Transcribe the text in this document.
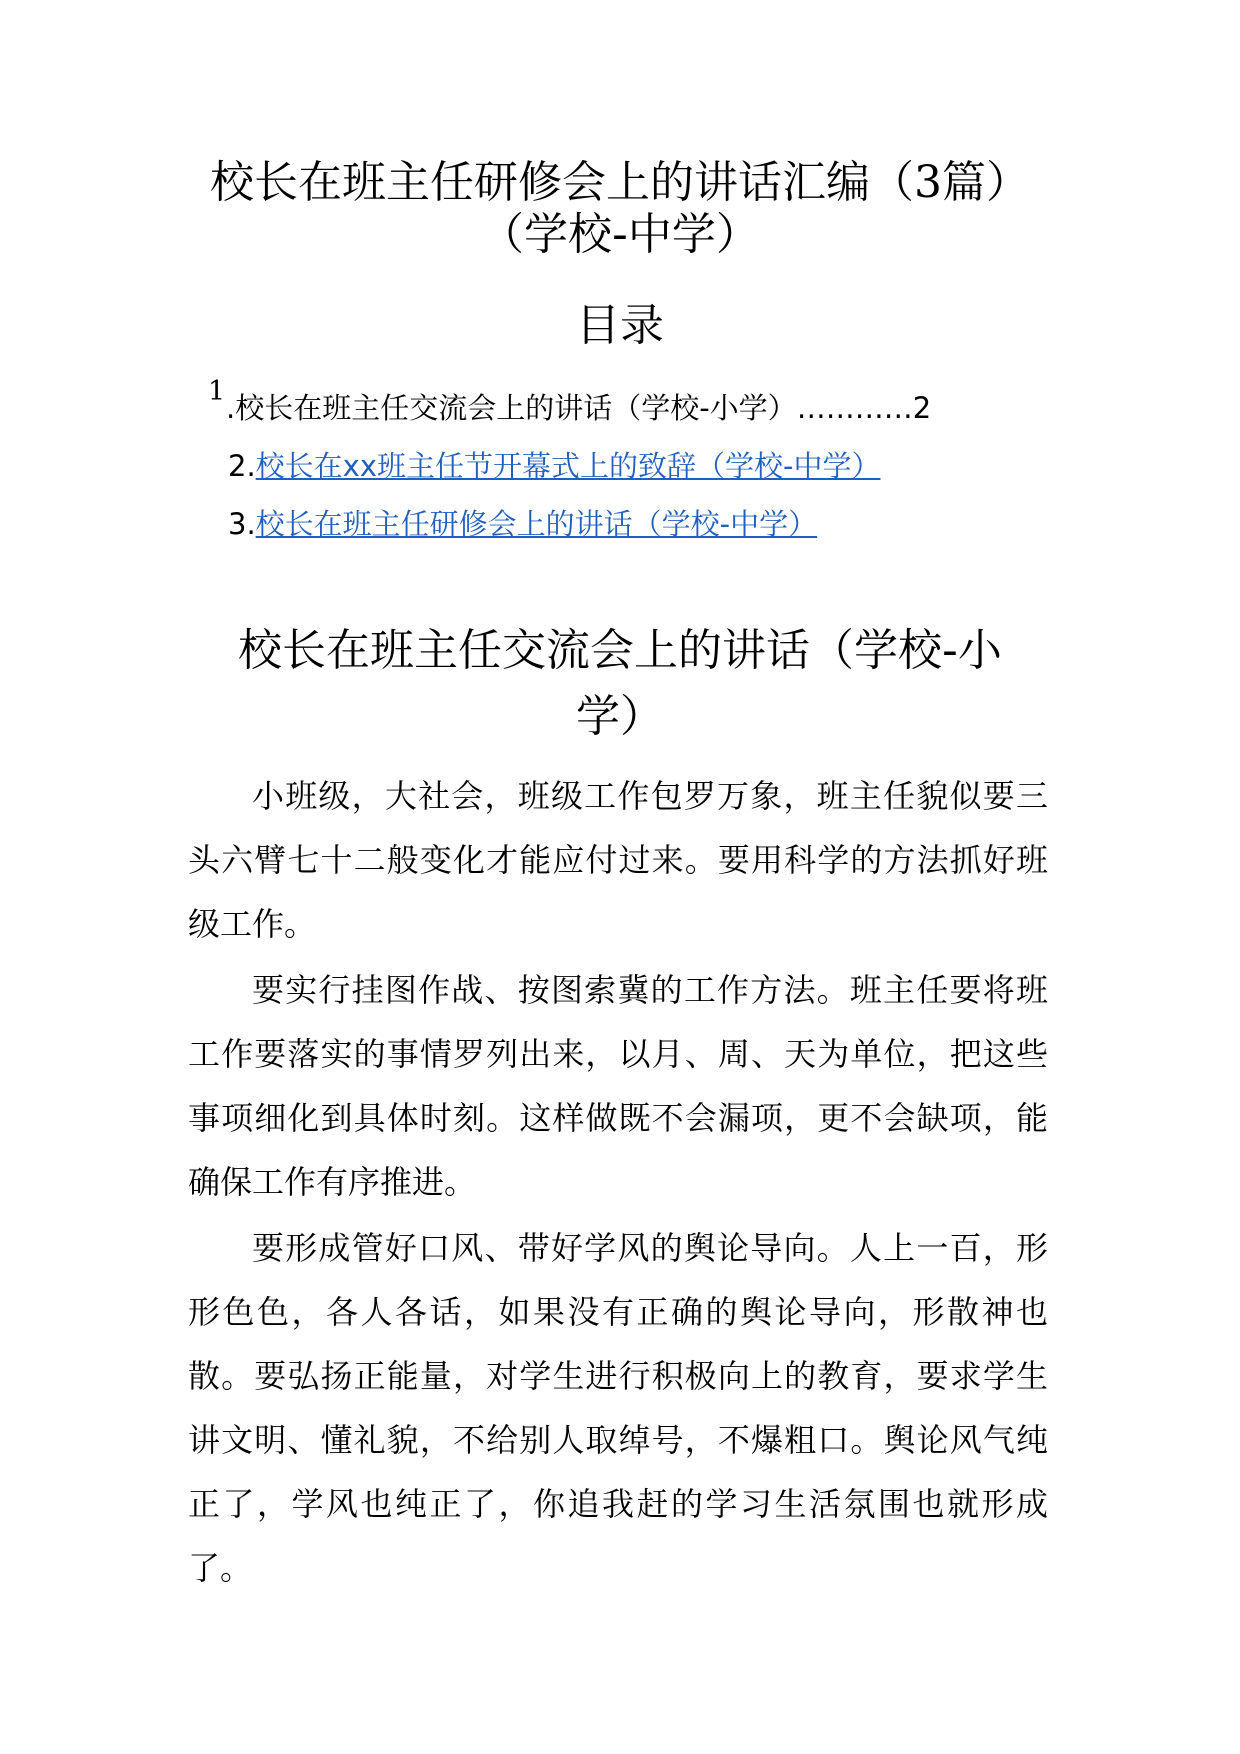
校长在班主任研修会上的讲话汇编（3篇）
（学校-中学）
目录
1 .校长在班主任交流会上的讲话（学校-小学）…………2
2.校长在xx班主任节开幕式上的致辞（学校-中学）
3.校长在班主任研修会上的讲话（学校-中学）
校长在班主任交流会上的讲话（学校-小
学）

小班级，大社会，班级工作包罗万象，班主任貌似要三头六臂七十二般变化才能应付过来。要用科学的方法抓好班级工作。

要实行挂图作战、按图索冀的工作方法。班主任要将班工作要落实的事情罗列出来，以月、周、天为单位，把这些事项细化到具体时刻。这样做既不会漏项，更不会缺项，能确保工作有序推进。

要形成管好口风、带好学风的舆论导向。人上一百，形形色色，各人各话，如果没有正确的舆论导向，形散神也散。要弘扬正能量，对学生进行积极向上的教育，要求学生讲文明、懂礼貌，不给别人取绰号，不爆粗口。舆论风气纯正了，学风也纯正了，你追我赶的学习生活氛围也就形成了。
